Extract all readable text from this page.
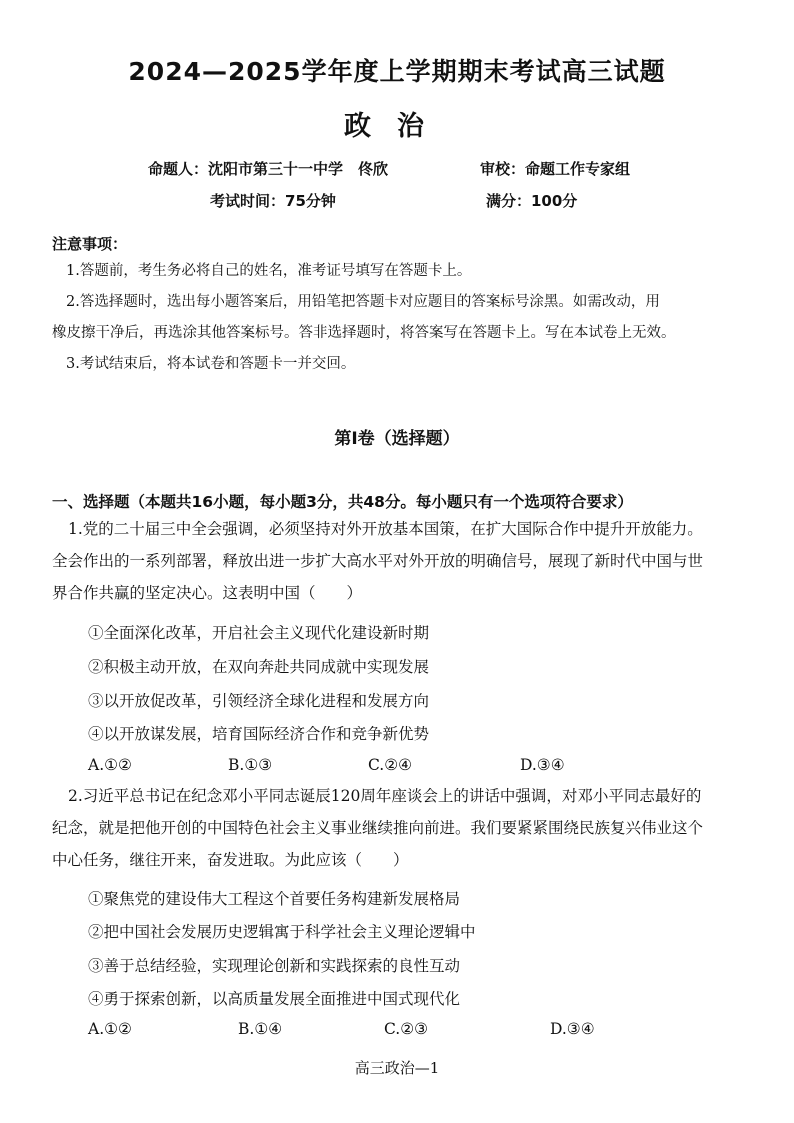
2024—2025学年度上学期期末考试高三试题
政治
命题人：沈阳市第三十一中学　佟欣	审校：命题工作专家组
考试时间：75分钟	满分：100分
注意事项：
1.答题前，考生务必将自己的姓名，准考证号填写在答题卡上。
2.答选择题时，选出每小题答案后，用铅笔把答题卡对应题目的答案标号涂黑。如需改动，用
橡皮擦干净后，再选涂其他答案标号。答非选择题时，将答案写在答题卡上。写在本试卷上无效。
3.考试结束后，将本试卷和答题卡一并交回。
第Ⅰ卷（选择题）
一、选择题（本题共16小题，每小题3分，共48分。每小题只有一个选项符合要求）
1.党的二十届三中全会强调，必须坚持对外开放基本国策，在扩大国际合作中提升开放能力。
全会作出的一系列部署，释放出进一步扩大高水平对外开放的明确信号，展现了新时代中国与世
界合作共赢的坚定决心。这表明中国（　　）
①全面深化改革，开启社会主义现代化建设新时期
②积极主动开放，在双向奔赴共同成就中实现发展
③以开放促改革，引领经济全球化进程和发展方向
④以开放谋发展，培育国际经济合作和竞争新优势
A.①②	B.①③	C.②④	D.③④
2.习近平总书记在纪念邓小平同志诞辰120周年座谈会上的讲话中强调，对邓小平同志最好的
纪念，就是把他开创的中国特色社会主义事业继续推向前进。我们要紧紧围绕民族复兴伟业这个
中心任务，继往开来，奋发进取。为此应该（　　）
①聚焦党的建设伟大工程这个首要任务构建新发展格局
②把中国社会发展历史逻辑寓于科学社会主义理论逻辑中
③善于总结经验，实现理论创新和实践探索的良性互动
④勇于探索创新，以高质量发展全面推进中国式现代化
A.①②	B.①④	C.②③	D.③④
高三政治—1
